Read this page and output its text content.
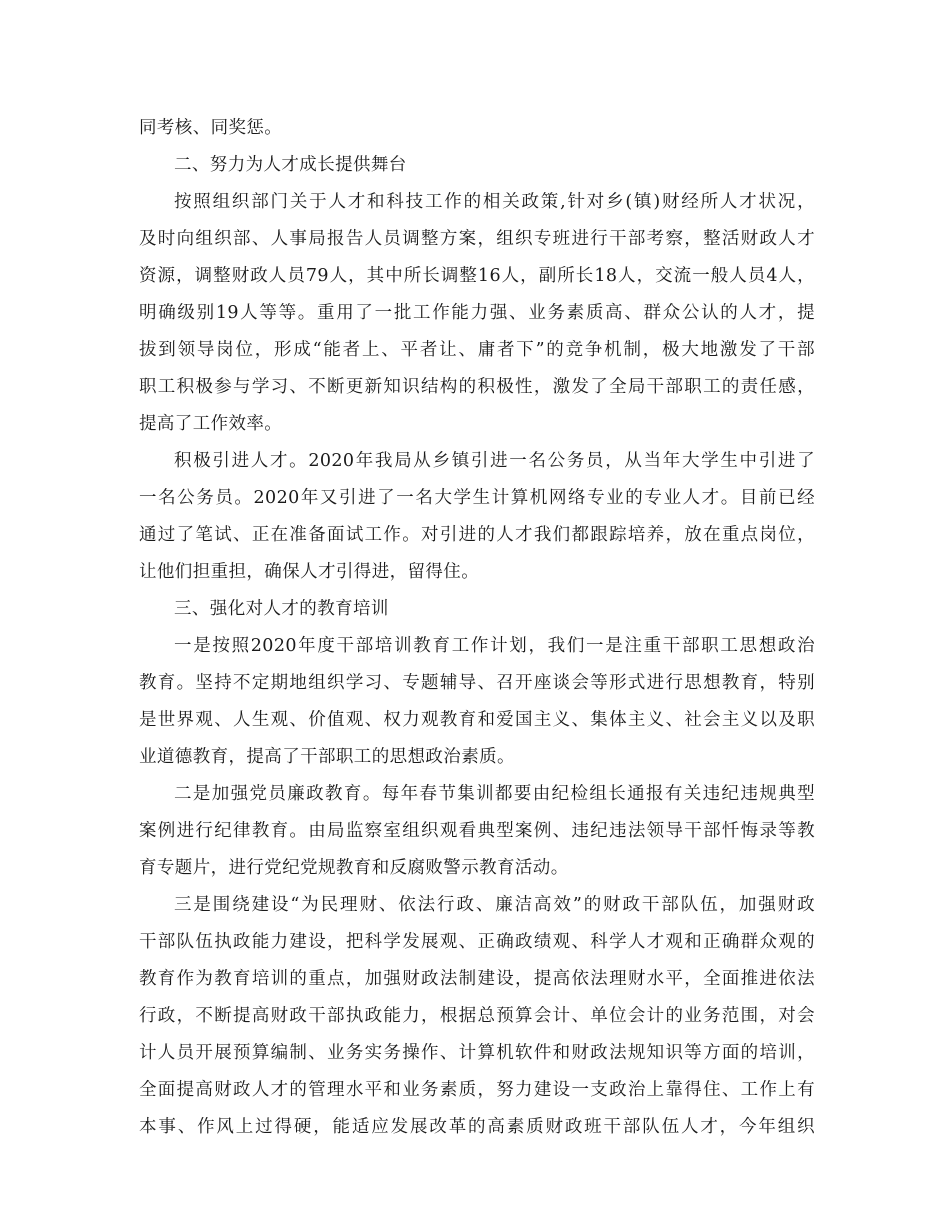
同考核、同奖惩。
二、努力为人才成长提供舞台
按照组织部门关于人才和科技工作的相关政策,针对乡(镇)财经所人才状况，
及时向组织部、人事局报告人员调整方案，组织专班进行干部考察，整活财政人才
资源，调整财政人员79人，其中所长调整16人，副所长18人，交流一般人员4人，
明确级别19人等等。重用了一批工作能力强、业务素质高、群众公认的人才，提
拔到领导岗位，形成“能者上、平者让、庸者下”的竞争机制，极大地激发了干部
职工积极参与学习、不断更新知识结构的积极性，激发了全局干部职工的责任感，
提高了工作效率。
积极引进人才。2020年我局从乡镇引进一名公务员，从当年大学生中引进了
一名公务员。2020年又引进了一名大学生计算机网络专业的专业人才。目前已经
通过了笔试、正在准备面试工作。对引进的人才我们都跟踪培养，放在重点岗位，
让他们担重担，确保人才引得进，留得住。
三、强化对人才的教育培训
一是按照2020年度干部培训教育工作计划，我们一是注重干部职工思想政治
教育。坚持不定期地组织学习、专题辅导、召开座谈会等形式进行思想教育，特别
是世界观、人生观、价值观、权力观教育和爱国主义、集体主义、社会主义以及职
业道德教育，提高了干部职工的思想政治素质。
二是加强党员廉政教育。每年春节集训都要由纪检组长通报有关违纪违规典型
案例进行纪律教育。由局监察室组织观看典型案例、违纪违法领导干部忏悔录等教
育专题片，进行党纪党规教育和反腐败警示教育活动。
三是围绕建设“为民理财、依法行政、廉洁高效”的财政干部队伍，加强财政
干部队伍执政能力建设，把科学发展观、正确政绩观、科学人才观和正确群众观的
教育作为教育培训的重点，加强财政法制建设，提高依法理财水平，全面推进依法
行政，不断提高财政干部执政能力，根据总预算会计、单位会计的业务范围，对会
计人员开展预算编制、业务实务操作、计算机软件和财政法规知识等方面的培训，
全面提高财政人才的管理水平和业务素质，努力建设一支政治上靠得住、工作上有
本事、作风上过得硬，能适应发展改革的高素质财政班干部队伍人才，今年组织
